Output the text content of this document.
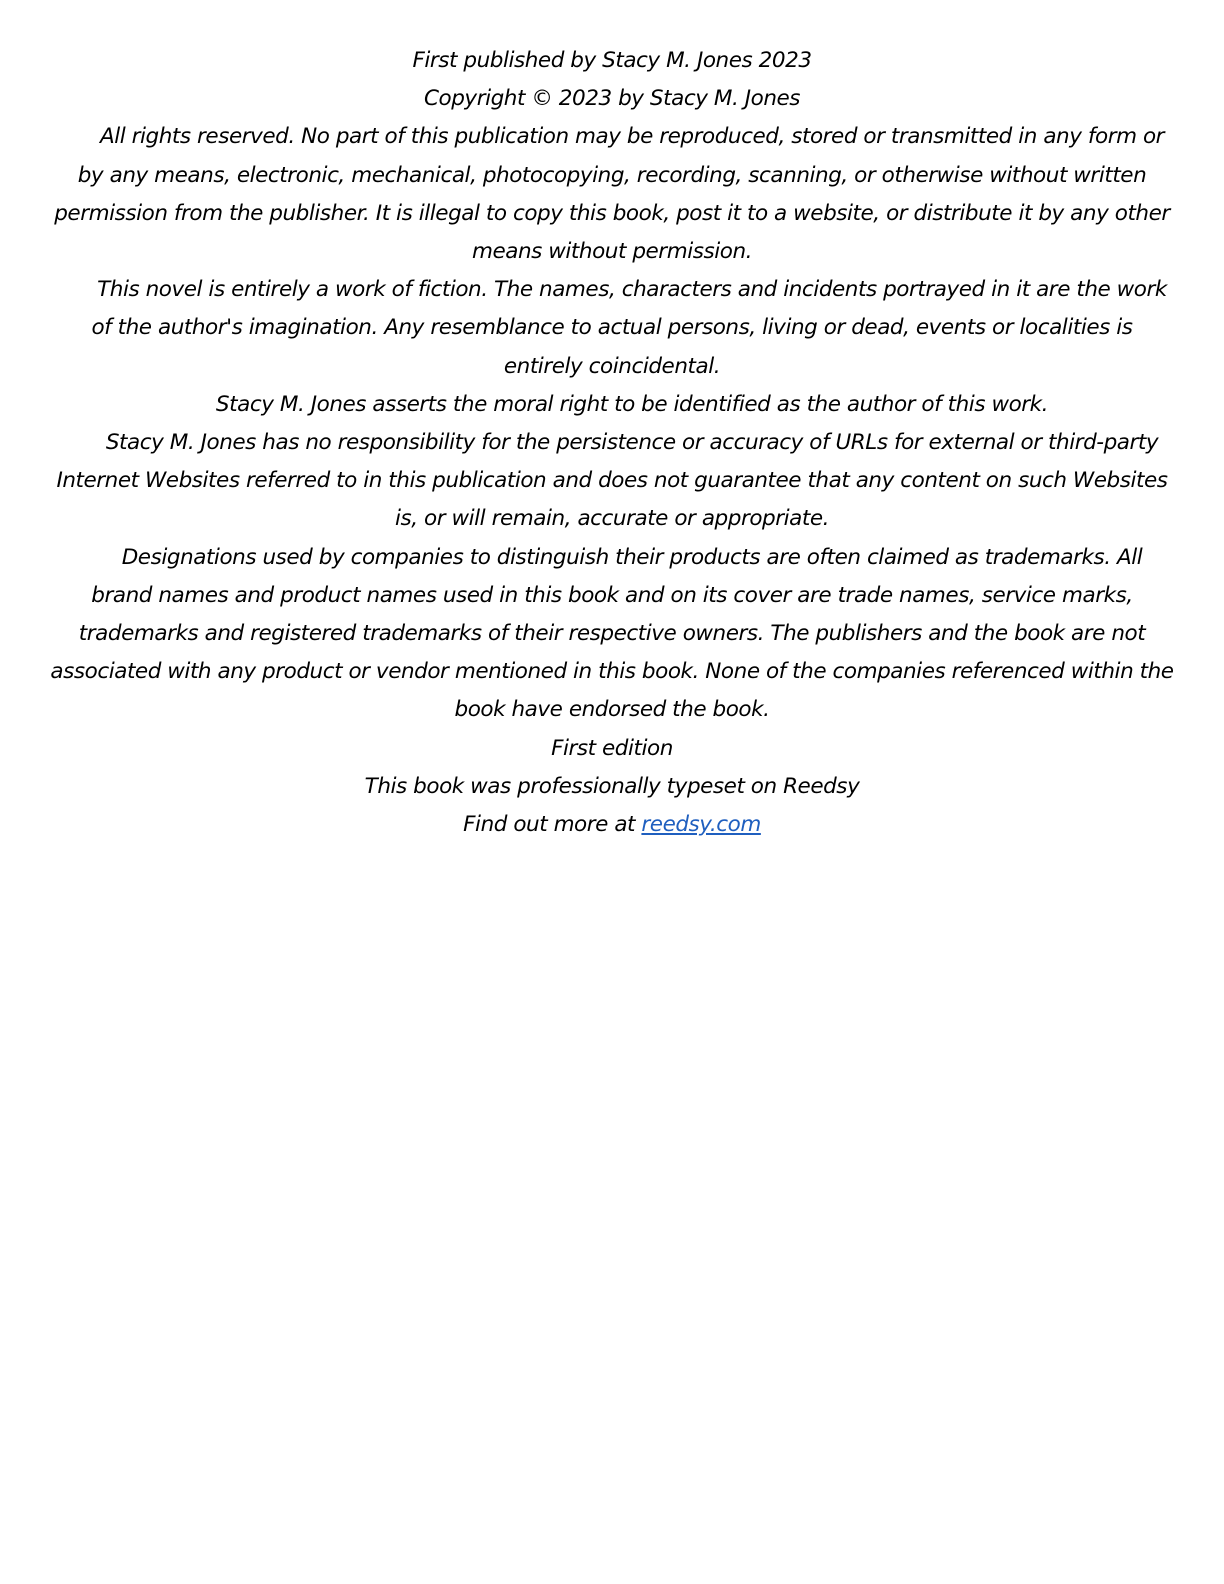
First published by Stacy M. Jones 2023

Copyright © 2023 by Stacy M. Jones

All rights reserved. No part of this publication may be reproduced, stored or transmitted in any form or by any means, electronic, mechanical, photocopying, recording, scanning, or otherwise without written permission from the publisher. It is illegal to copy this book, post it to a website, or distribute it by any other means without permission.

This novel is entirely a work of fiction. The names, characters and incidents portrayed in it are the work of the author's imagination. Any resemblance to actual persons, living or dead, events or localities is entirely coincidental.

Stacy M. Jones asserts the moral right to be identified as the author of this work.

Stacy M. Jones has no responsibility for the persistence or accuracy of URLs for external or third-party Internet Websites referred to in this publication and does not guarantee that any content on such Websites is, or will remain, accurate or appropriate.

Designations used by companies to distinguish their products are often claimed as trademarks. All brand names and product names used in this book and on its cover are trade names, service marks, trademarks and registered trademarks of their respective owners. The publishers and the book are not associated with any product or vendor mentioned in this book. None of the companies referenced within the book have endorsed the book.

First edition

This book was professionally typeset on Reedsy

Find out more at reedsy.com
